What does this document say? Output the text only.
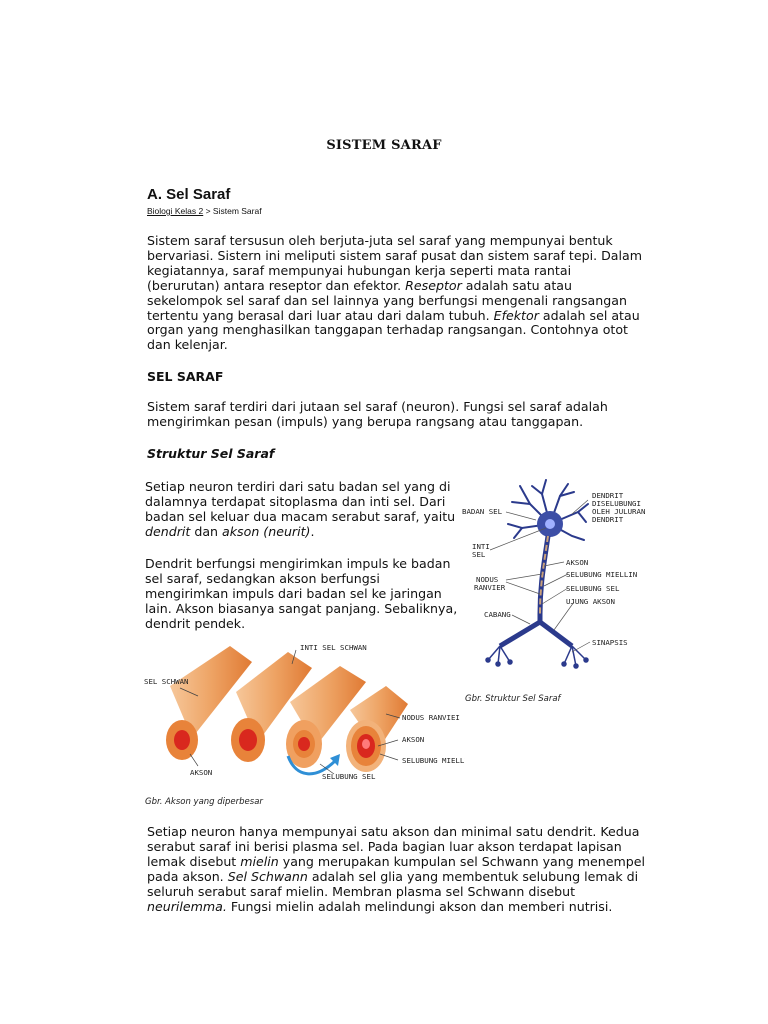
SISTEM SARAF
A. Sel Saraf
Biologi Kelas 2 > Sistem Saraf

Sistem saraf tersusun oleh berjuta-juta sel saraf yang mempunyai bentuk bervariasi. Sistern ini meliputi sistem saraf pusat dan sistem saraf tepi. Dalam kegiatannya, saraf mempunyai hubungan kerja seperti mata rantai (berurutan) antara reseptor dan efektor. Reseptor adalah satu atau sekelompok sel saraf dan sel lainnya yang berfungsi mengenali rangsangan tertentu yang berasal dari luar atau dari dalam tubuh. Efektor adalah sel atau organ yang menghasilkan tanggapan terhadap rangsangan. Contohnya otot dan kelenjar.

SEL SARAF

Sistem saraf terdiri dari jutaan sel saraf (neuron). Fungsi sel saraf adalah mengirimkan pesan (impuls) yang berupa rangsang atau tanggapan.

Struktur Sel Saraf

Setiap neuron terdiri dari satu badan sel yang di dalamnya terdapat sitoplasma dan inti sel. Dari badan sel keluar dua macam serabut saraf, yaitu dendrit dan akson (neurit).

Dendrit berfungsi mengirimkan impuls ke badan sel saraf, sedangkan akson berfungsi mengirimkan impuls dari badan sel ke jaringan lain. Akson biasanya sangat panjang. Sebaliknya, dendrit pendek.

BADAN SEL
DENDRIT
DISELUBUNGI
OLEH JULURAN
DENDRIT
INTI
SEL
AKSON
NODUS
RANVIER
SELUBUNG MIELLIN
SELUBUNG SEL
UJUNG AKSON
CABANG
SINAPSIS
Gbr. Struktur Sel Saraf
INTI SEL SCHWAN
SEL SCHWAN
NODUS RANVIEI
AKSON
SELUBUNG MIELLI
AKSON	SELUBUNG SEL
Gbr. Akson yang diperbesar

Setiap neuron hanya mempunyai satu akson dan minimal satu dendrit. Kedua serabut saraf ini berisi plasma sel. Pada bagian luar akson terdapat lapisan lemak disebut mielin yang merupakan kumpulan sel Schwann yang menempel pada akson. Sel Schwann adalah sel glia yang membentuk selubung lemak di seluruh serabut saraf mielin. Membran plasma sel Schwann disebut neurilemma. Fungsi mielin adalah melindungi akson dan memberi nutrisi.
